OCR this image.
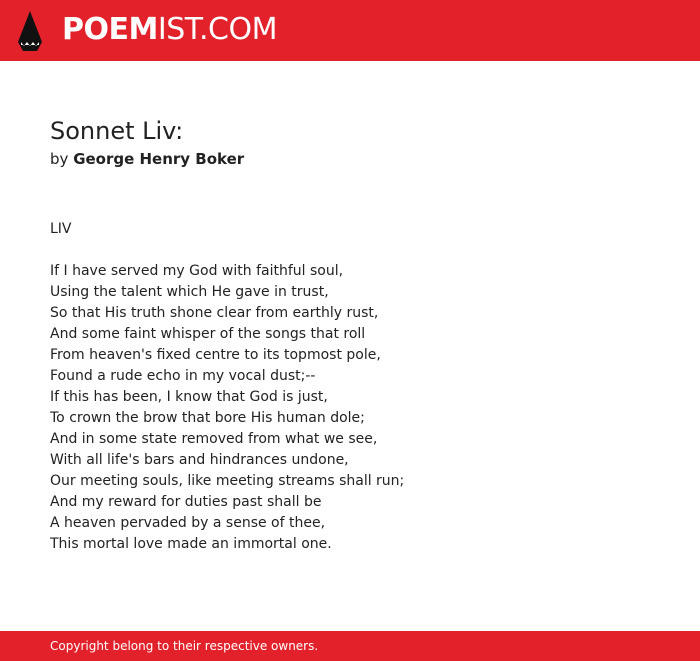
POEMIST.COM
Sonnet Liv:
by George Henry Boker
LIV
If I have served my God with faithful soul,
Using the talent which He gave in trust,
So that His truth shone clear from earthly rust,
And some faint whisper of the songs that roll
From heaven's fixed centre to its topmost pole,
Found a rude echo in my vocal dust;--
If this has been, I know that God is just,
To crown the brow that bore His human dole;
And in some state removed from what we see,
With all life's bars and hindrances undone,
Our meeting souls, like meeting streams shall run;
And my reward for duties past shall be
A heaven pervaded by a sense of thee,
This mortal love made an immortal one.
Copyright belong to their respective owners.
